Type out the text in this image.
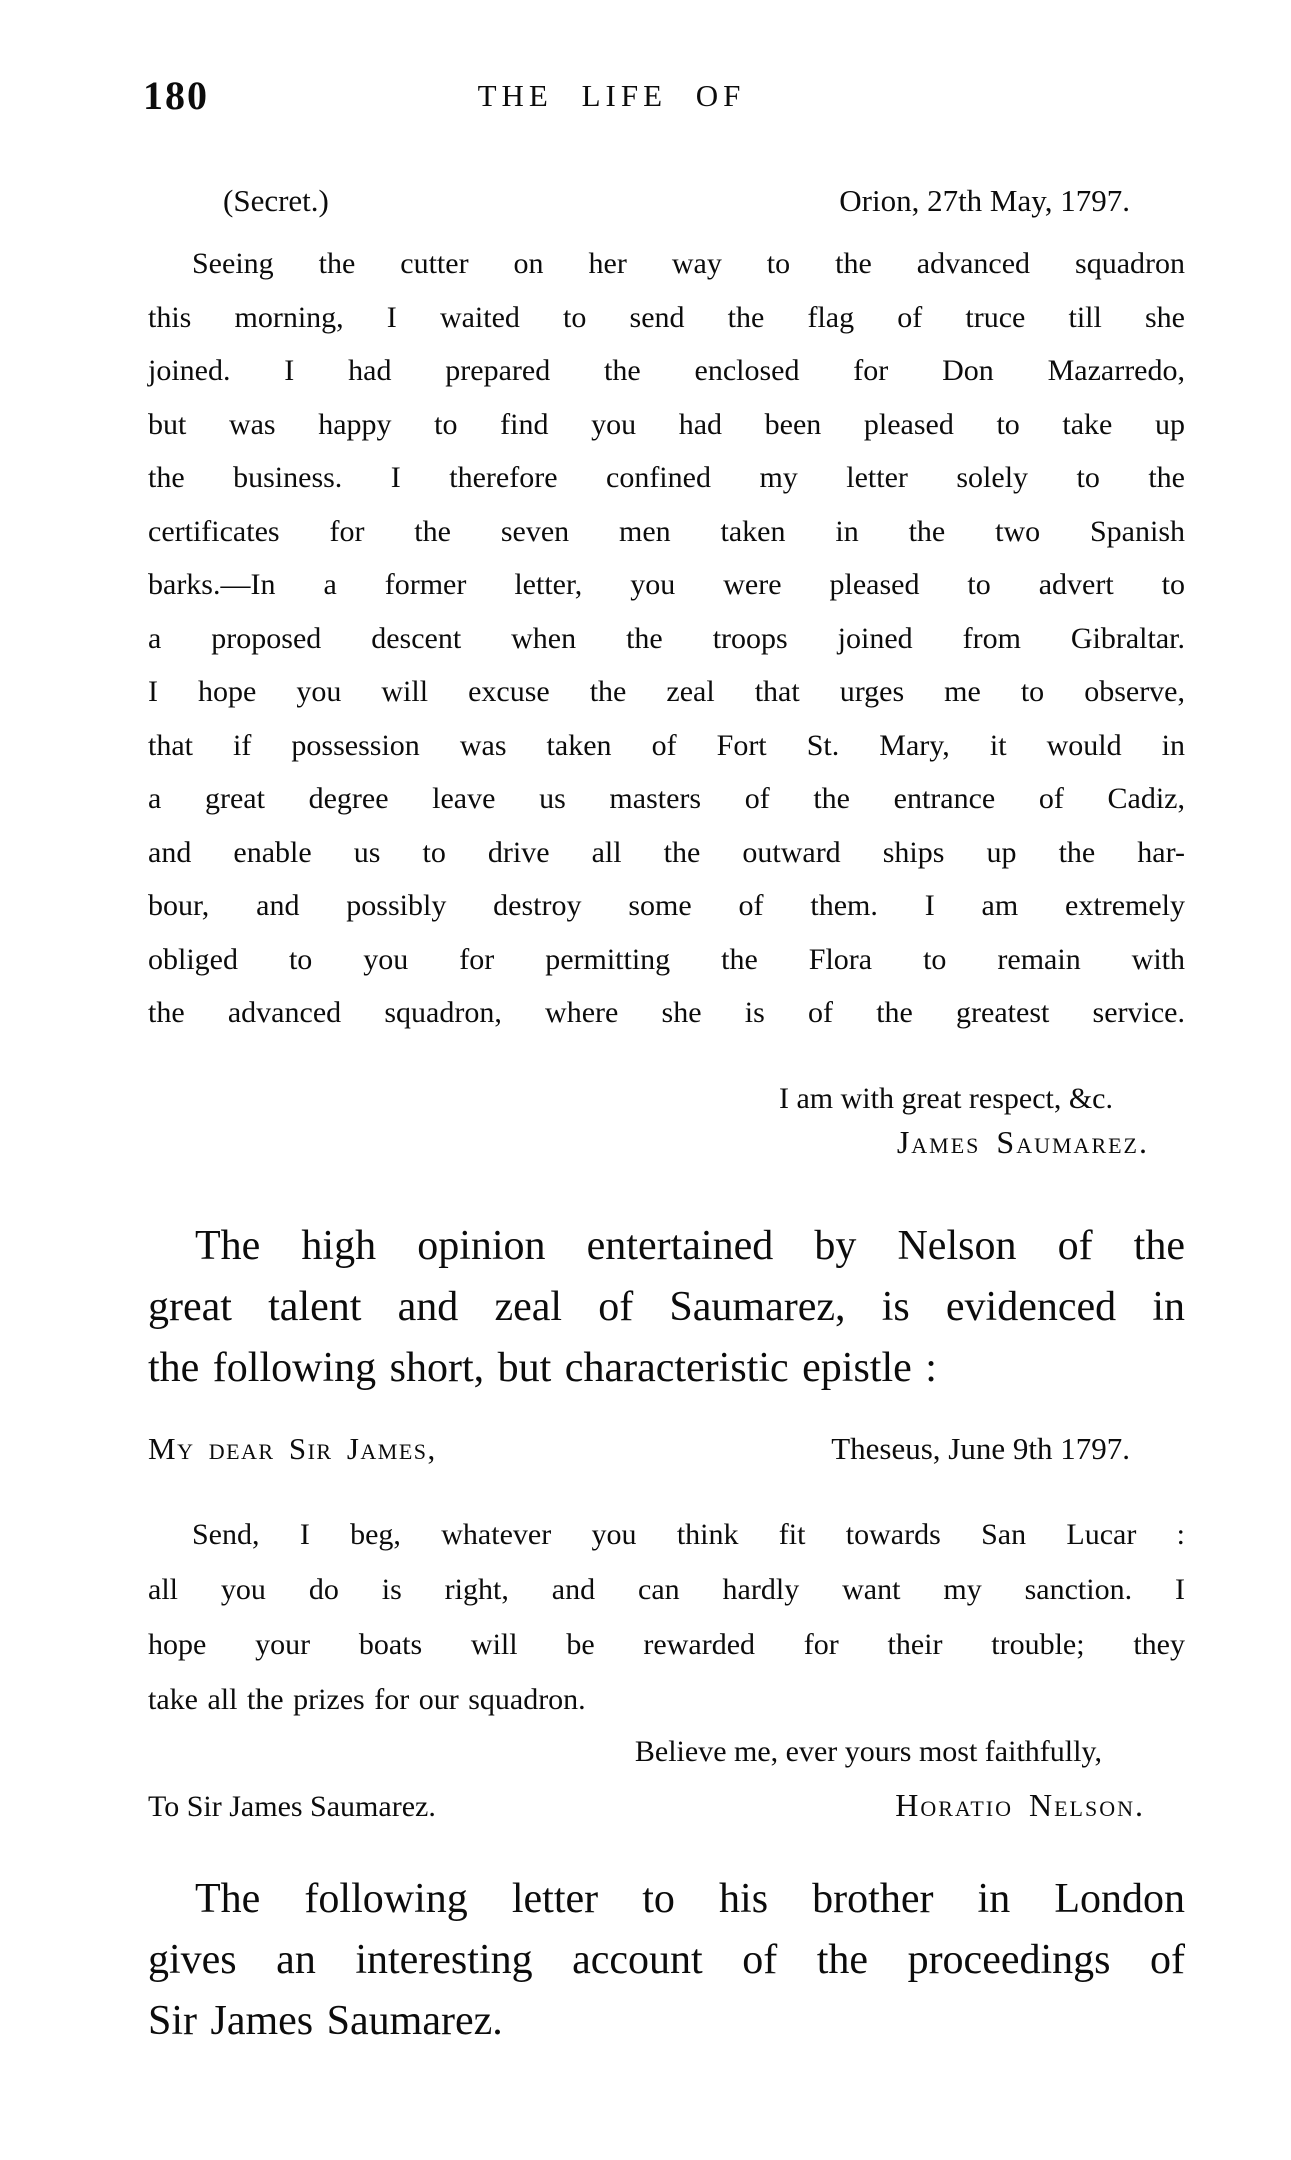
180	THE LIFE OF
(Secret.)	Orion, 27th May, 1797.
Seeing the cutter on her way to the advanced squadron
this morning, I waited to send the flag of truce till she
joined. I had prepared the enclosed for Don Mazarredo,
but was happy to find you had been pleased to take up
the business. I therefore confined my letter solely to the
certificates for the seven men taken in the two Spanish
barks.—In a former letter, you were pleased to advert to
a proposed descent when the troops joined from Gibraltar.
I hope you will excuse the zeal that urges me to observe,
that if possession was taken of Fort St. Mary, it would in
a great degree leave us masters of the entrance of Cadiz,
and enable us to drive all the outward ships up the har-
bour, and possibly destroy some of them. I am extremely
obliged to you for permitting the Flora to remain with
the advanced squadron, where she is of the greatest service.
I am with great respect, &c.
James Saumarez.
The high opinion entertained by Nelson of the
great talent and zeal of Saumarez, is evidenced in
the following short, but characteristic epistle :
My dear Sir James,	Theseus, June 9th 1797.
Send, I beg, whatever you think fit towards San Lucar :
all you do is right, and can hardly want my sanction. I
hope your boats will be rewarded for their trouble; they
take all the prizes for our squadron.
Believe me, ever yours most faithfully,
To Sir James Saumarez.	Horatio Nelson.
The following letter to his brother in London
gives an interesting account of the proceedings of
Sir James Saumarez.
